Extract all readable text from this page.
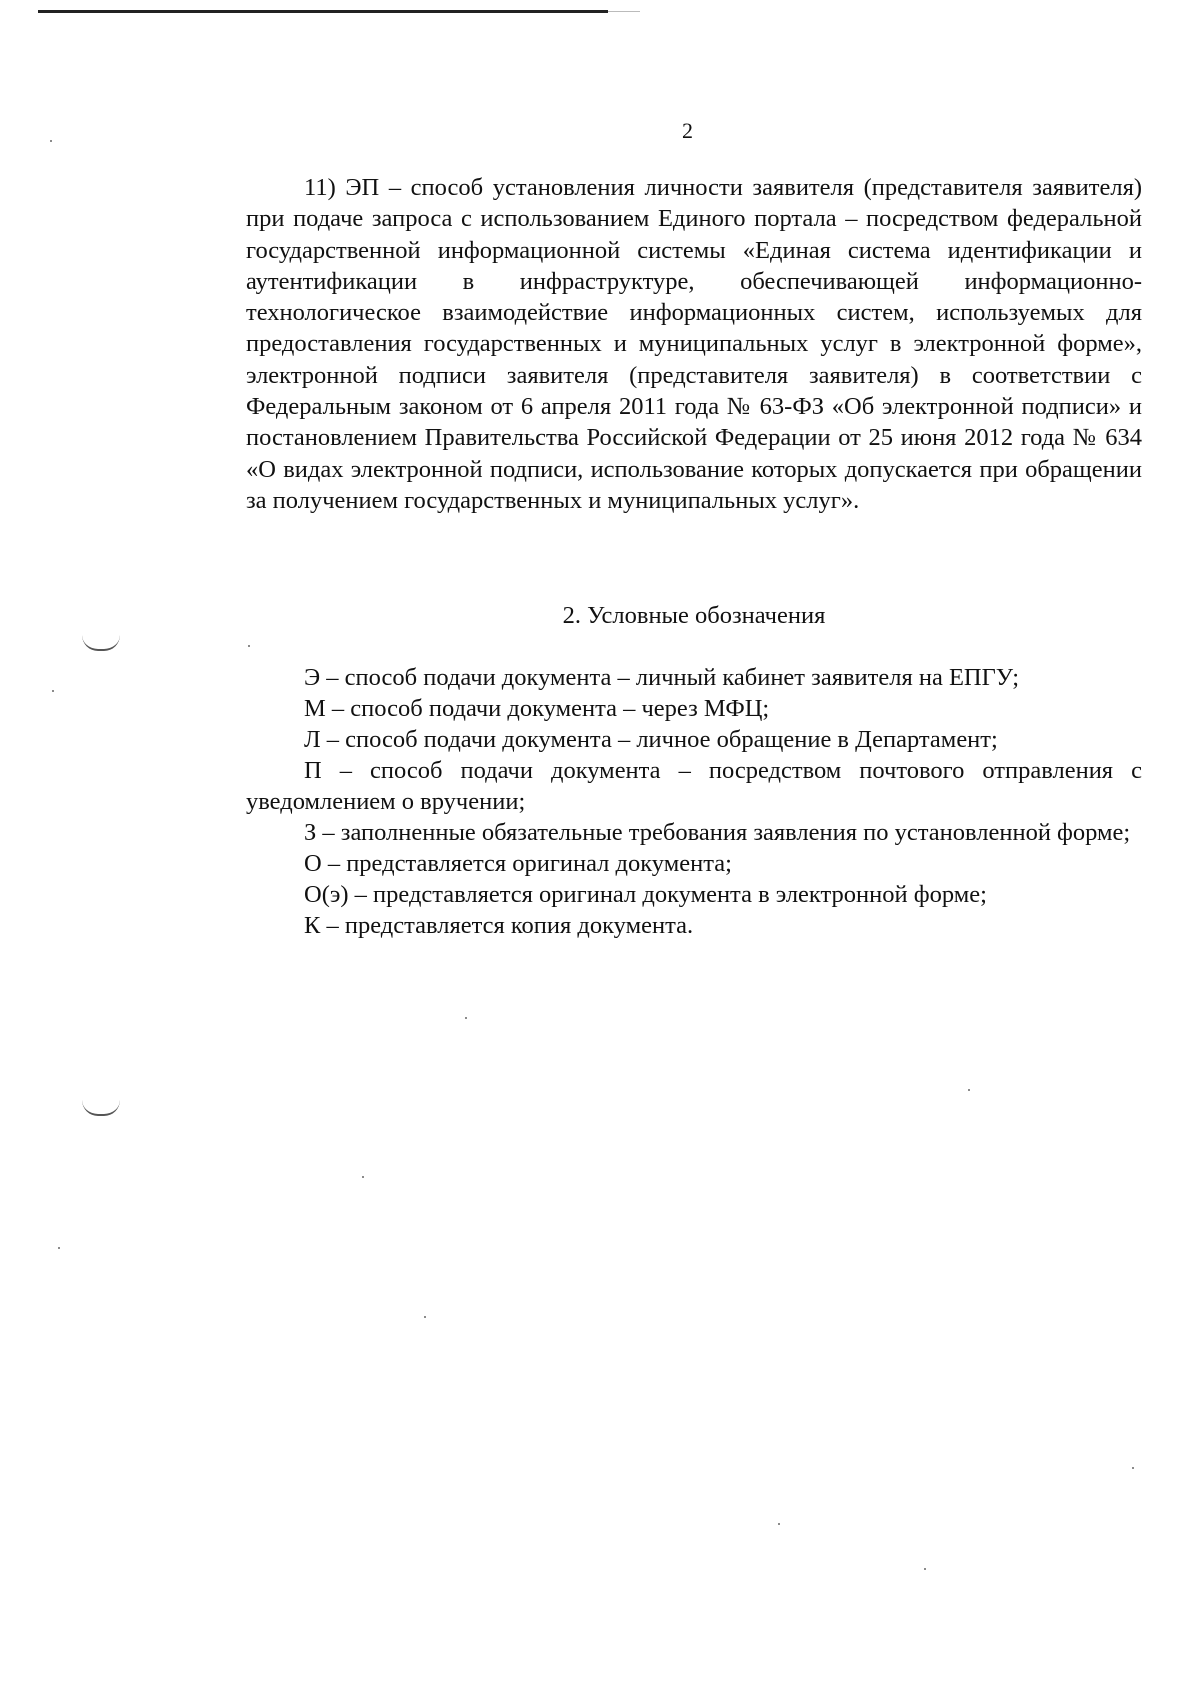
2
11) ЭП – способ установления личности заявителя (представителя заявителя) при подаче запроса с использованием Единого портала – посредством федеральной государственной информационной системы «Единая система идентификации и аутентификации в инфраструктуре, обеспечивающей информационно-технологическое взаимодействие информационных систем, используемых для предоставления государственных и муниципальных услуг в электронной форме», электронной подписи заявителя (представителя заявителя) в соответствии с Федеральным законом от 6 апреля 2011 года № 63-ФЗ «Об электронной подписи» и постановлением Правительства Российской Федерации от 25 июня 2012 года № 634 «О видах электронной подписи, использование которых допускается при обращении за получением государственных и муниципальных услуг».
2. Условные обозначения
Э – способ подачи документа – личный кабинет заявителя на ЕПГУ;
М – способ подачи документа – через МФЦ;
Л – способ подачи документа – личное обращение в Департамент;
П – способ подачи документа – посредством почтового отправления с уведомлением о вручении;
З – заполненные обязательные требования заявления по установленной форме;
О – представляется оригинал документа;
О(э) – представляется оригинал документа в электронной форме;
К – представляется копия документа.
